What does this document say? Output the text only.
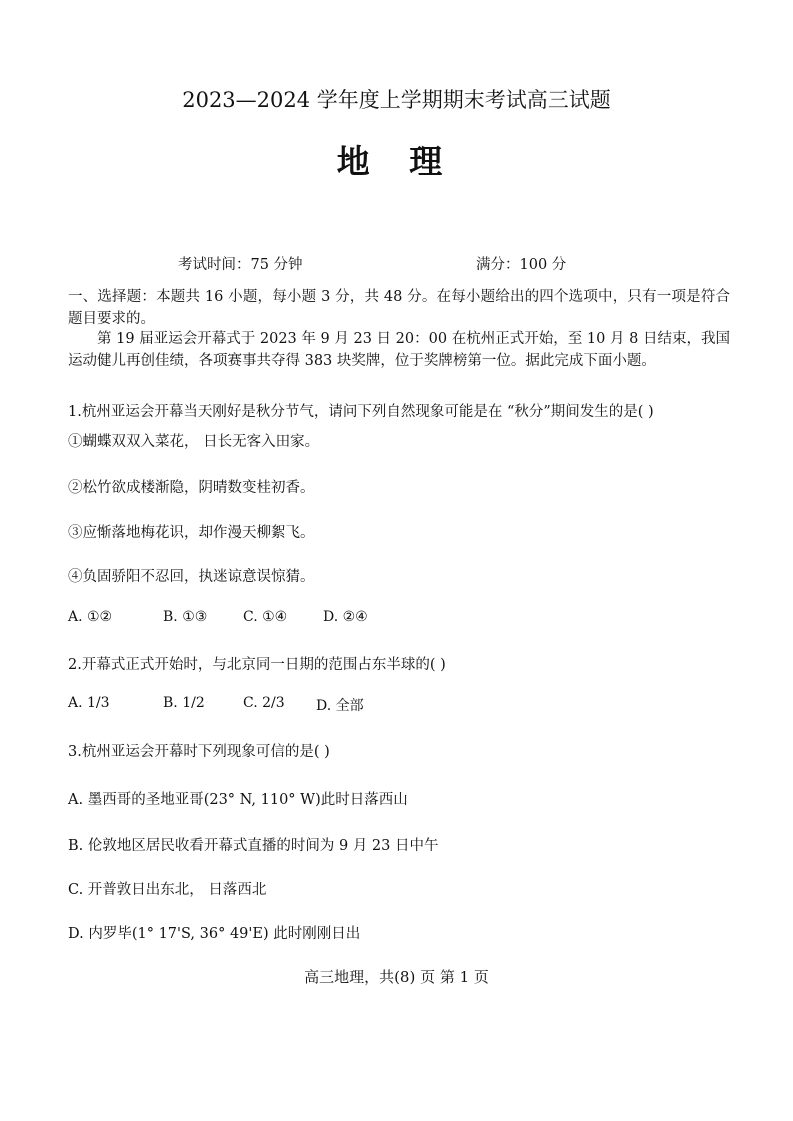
2023—2024 学年度上学期期末考试高三试题
地 理
考试时间：75 分钟	满分：100 分
一、选择题：本题共 16 小题，每小题 3 分，共 48 分。在每小题给出的四个选项中，只有一项是符合题目要求的。
第 19 届亚运会开幕式于 2023 年 9 月 23 日 20：00 在杭州正式开始，至 10 月 8 日结束，我国运动健儿再创佳绩，各项赛事共夺得 383 块奖牌，位于奖牌榜第一位。据此完成下面小题。
1.杭州亚运会开幕当天刚好是秋分节气，请问下列自然现象可能是在 “秋分”期间发生的是( )
①蝴蝶双双入菜花， 日长无客入田家。
②松竹欲成楼渐隐，阴晴数变桂初香。
③应惭落地梅花识，却作漫天柳絮飞。
④负固骄阳不忍回，执迷谅意误惊猜。
A. ①②	B. ①③	C. ①④	D. ②④
2.开幕式正式开始时，与北京同一日期的范围占东半球的( )
A. 1/3	B. 1/2	C. 2/3 D. 全部
3.杭州亚运会开幕时下列现象可信的是( )
A. 墨西哥的圣地亚哥(23° N, 110° W)此时日落西山
B. 伦敦地区居民收看开幕式直播的时间为 9 月 23 日中午
C. 开普敦日出东北， 日落西北
D. 内罗毕(1° 17'S, 36° 49'E) 此时刚刚日出
高三地理，共(8) 页 第 1 页
